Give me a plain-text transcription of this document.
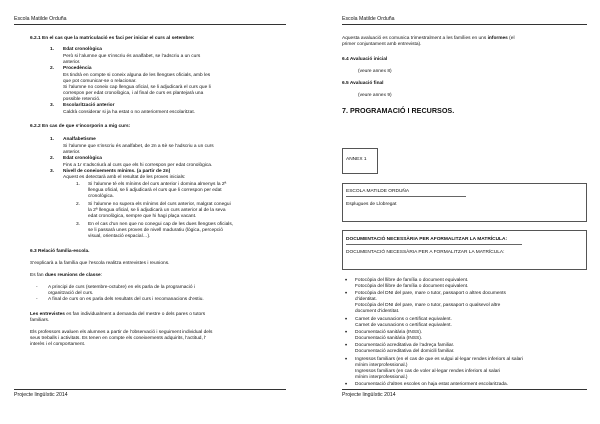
Escola Matilde Orduña
6.2.1 En el cas que la matriculació es faci per iniciar el curs al setembre:
1. Edat cronològica
Però si l’alumne que s’inscriu és analfabet, se l’adscriu a un curs
anterior.
2. Procedència
Es tindrà en compte si coneix alguna de les llengües oficials, amb les
que pot comunicar-se o relacionar.
Si l’alumne no coneix cap llengua oficial, se li adjudicarà el curs que li
correspon per edat cronològica, i al final de curs es plantejarà una
possible retenció.
3. Escolarització anterior
Caldrà considerar si ja ha estat o no anteriorment escolaritzat.
6.2.2 En cas de que s’incorporin a mig curs:
1. Analfabetisme
Si l’alumne que s’inscriu és analfabet, de 2n a 6è se l’adscriu a un curs
anterior.
2. Edat cronològica
Fins a 1r s’adscriurà al curs que els hi correspon per edat cronològica.
3. Nivell de coneixements mínims. (a partir de 2n)
Aquest es detectarà amb el resultat de les proves inicials:
1. Si l’alumne té els mínims del curs anterior i domina almenys la 2ª
llengua oficial, se li adjudicarà el curs que li correspon per edat
cronològica.
2. Si l’alumne no supera els mínims del curs anterior, malgrat conegui
la 2ª llengua oficial, se li adjudicarà un curs anterior al de la seva
edat cronològica, sempre que hi hagi plaça vacant.
3. En el cas d’un nen que no conegui cap de les dues llengües oficials,
se li passarà unes proves de nivell maduratiu (lògica, percepció
visual, orientació espacial…).
6.3 Relació família-escola.
S’explicarà a la família que l’escola realitza entrevistes i reunions.
Es fan dues reunions de classe:
- A principi de curs (setembre-octubre) en els parla de la programació i
organització del curs.
- A final de curs on es parla dels resultats del curs i recomanacions d’estiu.
Les entrevistes es fan individualment a demanda del mestre o dels pares o tutors
familiars.
Els professors avaluen els alumnes a partir de l’observació i seguiment individual dels
seus treballs i activitats. Es tenen en compte els coneixements adquirits, l’actitud, l’
interès i el comportament.
Projecte lingüístic 2014
Escola Matilde Orduña
Aquesta avaluació es comunica trimestralment a les famílies en uns informes (el
primer conjuntament amb entrevista).
6.4 Avaluació inicial
(veure annex 8)
6.5 Avaluació final
(veure annex 9)
7. PROGRAMACIÓ I RECURSOS.
ANNEX 1
ESCOLA MATILDE ORDUÑA
Esplugues de Llobregat
DOCUMENTACIÓ NECESSÀRIA PER AFORMALITZAR LA MATRÍCULA:
DOCUMENTACIÓ NECESSÀRIA PER A FORMALITZAR LA MATRÍCULA:
• Fotocòpia del llibre de família o document equivalent.
Fotocòpia del llibre de família o document equivalent.
• Fotocòpia del DNI del pare, mare o tutor, passaport o altres documents
d’identitat.
Fotocòpia del DNI del pare, mare o tutor, passaport o qualsevol altre
document d’identitat.
• Carnet de vacunacions o certificat equivalent.
Carnet de vacunacions o certificat equivalent.
• Documentació sanitària (INSS).
Documentació sanitària (INSS).
• Documentació acreditativa de l’adreça familiar.
Documentació acreditativa del domicili familiar.
• Ingressos familiars (en el cas de que es vulgui al·legar rendes inferiors al salari
mínim interprofessional.)
Ingressos familiars (en cas de voler al·legar rendes inferiors al salari
mínim interprofessional.)
• Documentació d’altres escoles on haja estat anteriorment escolaritzada.
Projecte lingüístic 2014
